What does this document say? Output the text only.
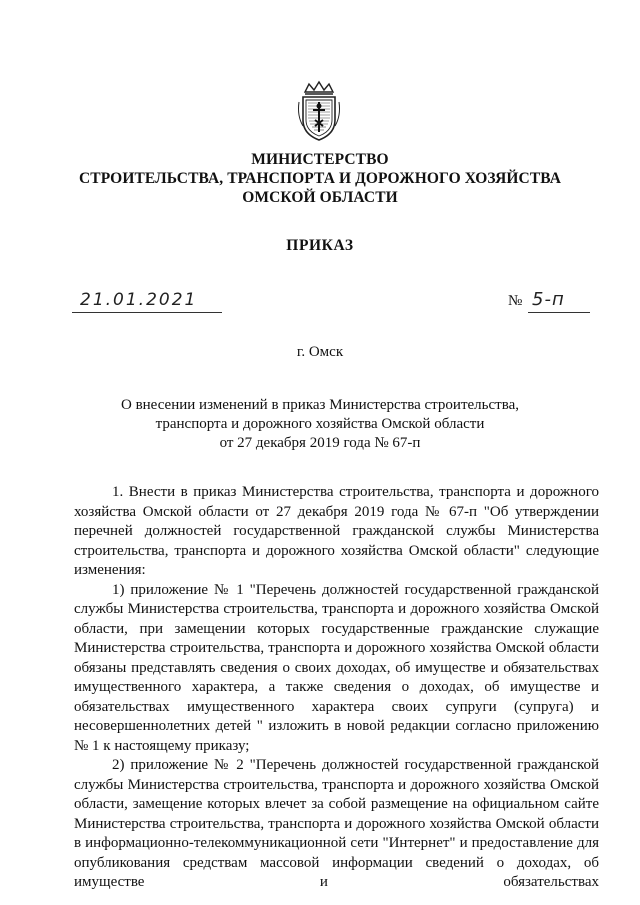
МИНИСТЕРСТВО
СТРОИТЕЛЬСТВА, ТРАНСПОРТА И ДОРОЖНОГО ХОЗЯЙСТВА
ОМСКОЙ ОБЛАСТИ
ПРИКАЗ
21.01.2021	№ 5-п
г. Омск
О внесении изменений в приказ Министерства строительства,
транспорта и дорожного хозяйства Омской области
от 27 декабря 2019 года № 67-п

1. Внести в приказ Министерства строительства, транспорта и дорожного хозяйства Омской области от 27 декабря 2019 года № 67-п "Об утверждении перечней должностей государственной гражданской службы Министерства строительства, транспорта и дорожного хозяйства Омской области" следующие изменения:

1) приложение № 1 "Перечень должностей государственной гражданской службы Министерства строительства, транспорта и дорожного хозяйства Омской области, при замещении которых государственные гражданские служащие Министерства строительства, транспорта и дорожного хозяйства Омской области обязаны представлять сведения о своих доходах, об имуществе и обязательствах имущественного характера, а также сведения о доходах, об имуществе и обязательствах имущественного характера своих супруги (супруга) и несовершеннолетних детей " изложить в новой редакции согласно приложению № 1 к настоящему приказу;

2) приложение № 2 "Перечень должностей государственной гражданской службы Министерства строительства, транспорта и дорожного хозяйства Омской области, замещение которых влечет за собой размещение на официальном сайте Министерства строительства, транспорта и дорожного хозяйства Омской области в информационно-телекоммуникационной сети "Интернет" и предоставление для опубликования средствам массовой информации сведений о доходах, об имуществе и обязательствах
